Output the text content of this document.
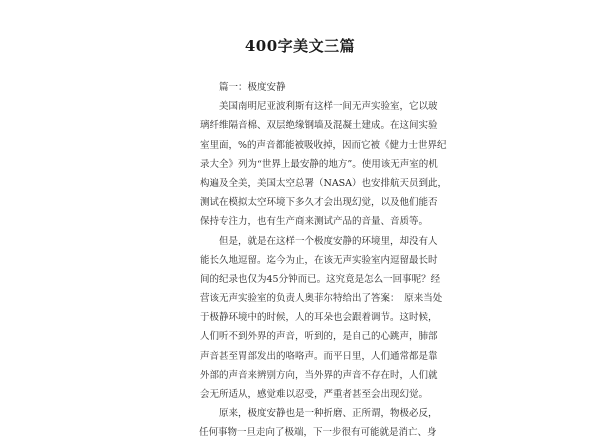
400字美文三篇
篇一：极度安静
美国南明尼亚波利斯有这样一间无声实验室，它以玻
璃纤维隔音棉、双层绝缘钢墙及混凝土建成。在这间实验
室里面，%的声音都能被吸收掉，因而它被《健力士世界纪
录大全》列为“世界上最安静的地方”。使用该无声室的机
构遍及全美，美国太空总署（NASA）也安排航天员到此，
测试在模拟太空环境下多久才会出现幻觉，以及他们能否
保持专注力，也有生产商来测试产品的音量、音质等。
但是，就是在这样一个极度安静的环境里，却没有人
能长久地逗留。迄今为止，在该无声实验室内逗留最长时
间的纪录也仅为45分钟而已。这究竟是怎么一回事呢？经
营该无声实验室的负责人奥菲尔特给出了答案：　原来当处
于极静环境中的时候，人的耳朵也会跟着调节。这时候，
人们听不到外界的声音，听到的，是自己的心跳声，肺部
声音甚至胃部发出的咯咯声。而平日里，人们通常都是靠
外部的声音来辨别方向，当外界的声音不存在时，人们就
会无所适从，感觉难以忍受，严重者甚至会出现幻觉。
原来，极度安静也是一种折磨、正所谓，物极必反，
任何事物一旦走向了极端，下一步很有可能就是消亡、身
